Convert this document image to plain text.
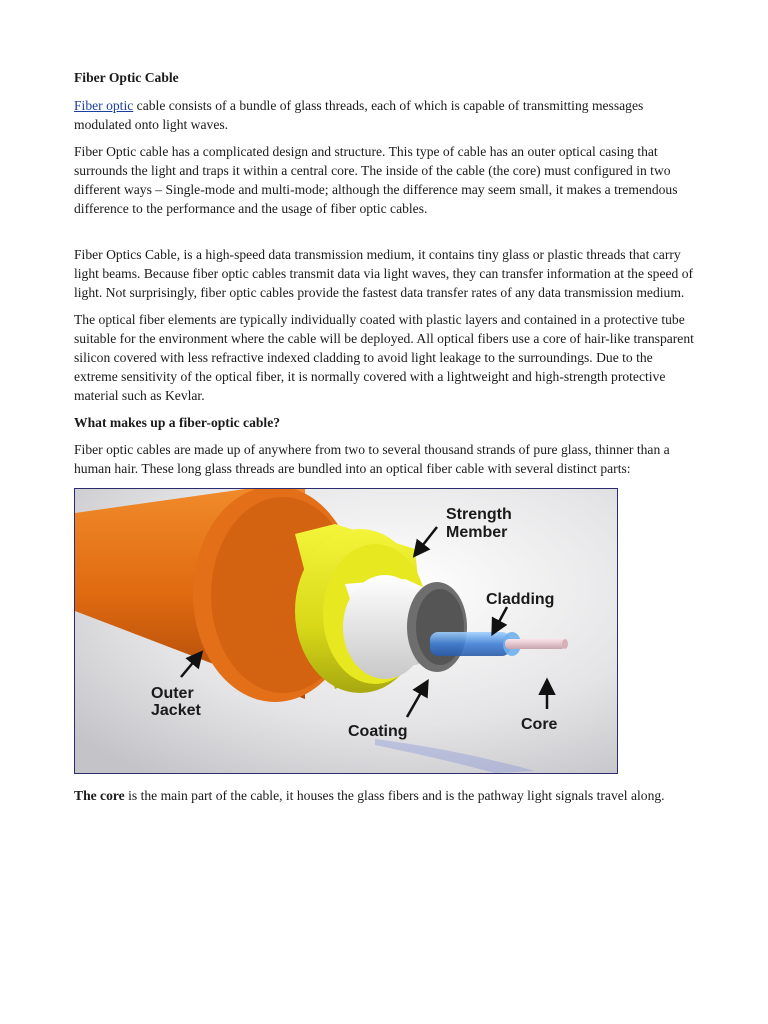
Fiber Optic Cable

Fiber optic cable consists of a bundle of glass threads, each of which is capable of transmitting messages modulated onto light waves.

Fiber Optic cable has a complicated design and structure. This type of cable has an outer optical casing that surrounds the light and traps it within a central core. The inside of the cable (the core) must configured in two different ways – Single-mode and multi-mode; although the difference may seem small, it makes a tremendous difference to the performance and the usage of fiber optic cables.

Fiber Optics Cable, is a high-speed data transmission medium, it contains tiny glass or plastic threads that carry light beams. Because fiber optic cables transmit data via light waves, they can transfer information at the speed of light. Not surprisingly, fiber optic cables provide the fastest data transfer rates of any data transmission medium.

The optical fiber elements are typically individually coated with plastic layers and contained in a protective tube suitable for the environment where the cable will be deployed. All optical fibers use a core of hair-like transparent silicon covered with less refractive indexed cladding to avoid light leakage to the surroundings. Due to the extreme sensitivity of the optical fiber, it is normally covered with a lightweight and high-strength protective material such as Kevlar.

What makes up a fiber-optic cable?

Fiber optic cables are made up of anywhere from two to several thousand strands of pure glass, thinner than a human hair. These long glass threads are bundled into an optical fiber cable with several distinct parts:

Strength
Member
Cladding
Outer
Jacket
Coating	Core

The core is the main part of the cable, it houses the glass fibers and is the pathway light signals travel along.
